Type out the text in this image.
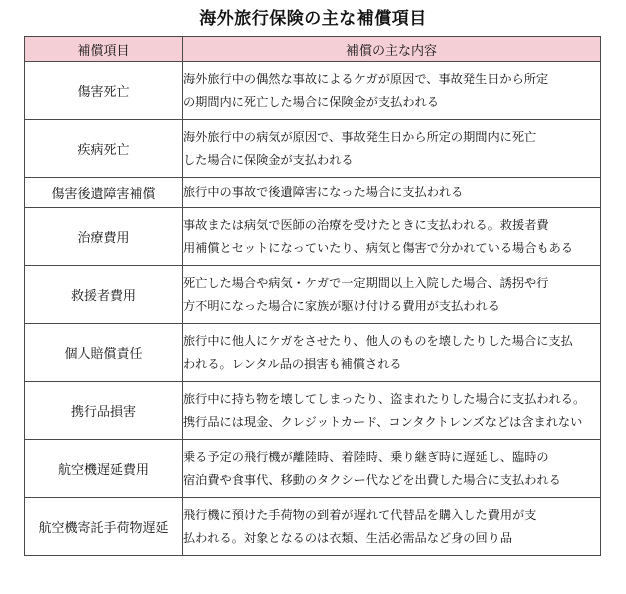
海外旅行保険の主な補償項目
補償項目	補償の主な内容
傷害死亡	海外旅行中の偶然な事故によるケガが原因で、事故発生日から所定
の期間内に死亡した場合に保険金が支払われる

疾病死亡	海外旅行中の病気が原因で、事故発生日から所定の期間内に死亡
した場合に保険金が支払われる

傷害後遺障害補償	旅行中の事故で後遺障害になった場合に支払われる

治療費用	事故または病気で医師の治療を受けたときに支払われる。救援者費
用補償とセットになっていたり、病気と傷害で分かれている場合もある

救援者費用	死亡した場合や病気・ケガで一定期間以上入院した場合、誘拐や行
方不明になった場合に家族が駆け付ける費用が支払われる

個人賠償責任	旅行中に他人にケガをさせたり、他人のものを壊したりした場合に支払
われる。レンタル品の損害も補償される

携行品損害	旅行中に持ち物を壊してしまったり、盗まれたりした場合に支払われる。
携行品には現金、クレジットカード、コンタクトレンズなどは含まれない

航空機遅延費用	乗る予定の飛行機が離陸時、着陸時、乗り継ぎ時に遅延し、臨時の
宿泊費や食事代、移動のタクシー代などを出費した場合に支払われる

航空機寄託手荷物遅延	飛行機に預けた手荷物の到着が遅れて代替品を購入した費用が支
払われる。対象となるのは衣類、生活必需品など身の回り品
